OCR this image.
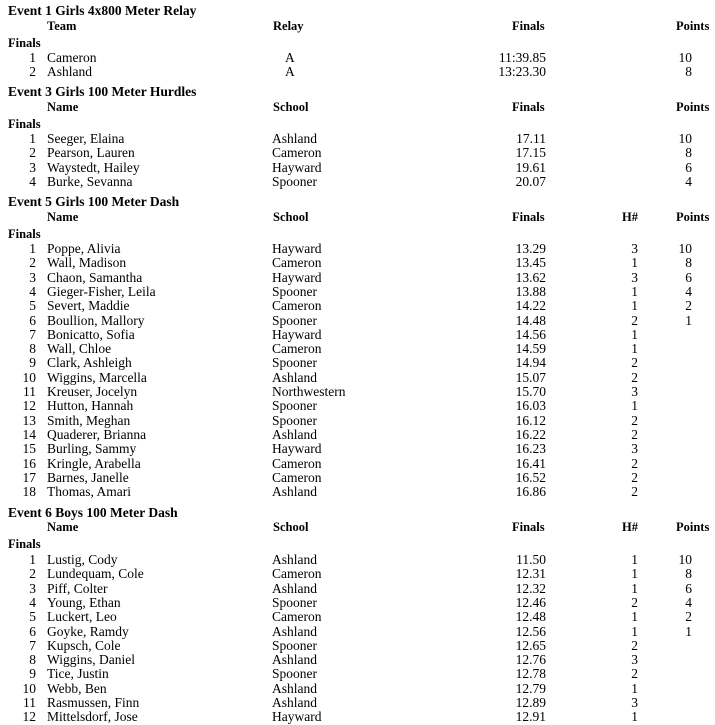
Event 1 Girls 4x800 Meter Relay
Team	Relay	Finals	Points
Finals
1 Cameron	A	11:39.85	10
2 Ashland	A	13:23.30	8
Event 3 Girls 100 Meter Hurdles
Name	School	Finals	Points
Finals
1 Seeger, Elaina	Ashland	17.11	10
2 Pearson, Lauren	Cameron	17.15	8
3 Waystedt, Hailey	Hayward	19.61	6
4 Burke, Sevanna	Spooner	20.07	4
Event 5 Girls 100 Meter Dash
Name	School	Finals	H#	Points
Finals
1 Poppe, Alivia	Hayward	13.29	3	10
2 Wall, Madison	Cameron	13.45	1	8
3 Chaon, Samantha	Hayward	13.62	3	6
4 Gieger-Fisher, Leila	Spooner	13.88	1	4
5 Severt, Maddie	Cameron	14.22	1	2
6 Boullion, Mallory	Spooner	14.48	2	1
7 Bonicatto, Sofia	Hayward	14.56	1
8 Wall, Chloe	Cameron	14.59	1
9 Clark, Ashleigh	Spooner	14.94	2
10 Wiggins, Marcella	Ashland	15.07	2
11 Kreuser, Jocelyn	Northwestern	15.70	3
12 Hutton, Hannah	Spooner	16.03	1
13 Smith, Meghan	Spooner	16.12	2
14 Quaderer, Brianna	Ashland	16.22	2
15 Burling, Sammy	Hayward	16.23	3
16 Kringle, Arabella	Cameron	16.41	2
17 Barnes, Janelle	Cameron	16.52	2
18 Thomas, Amari	Ashland	16.86	2
Event 6 Boys 100 Meter Dash
Name	School	Finals	H#	Points
Finals
1 Lustig, Cody	Ashland	11.50	1	10
2 Lundequam, Cole	Cameron	12.31	1	8
3 Piff, Colter	Ashland	12.32	1	6
4 Young, Ethan	Spooner	12.46	2	4
5 Luckert, Leo	Cameron	12.48	1	2
6 Goyke, Ramdy	Ashland	12.56	1	1
7 Kupsch, Cole	Spooner	12.65	2
8 Wiggins, Daniel	Ashland	12.76	3
9 Tice, Justin	Spooner	12.78	2
10 Webb, Ben	Ashland	12.79	1
11 Rasmussen, Finn	Ashland	12.89	3
12 Mittelsdorf, Jose	Hayward	12.91	1
